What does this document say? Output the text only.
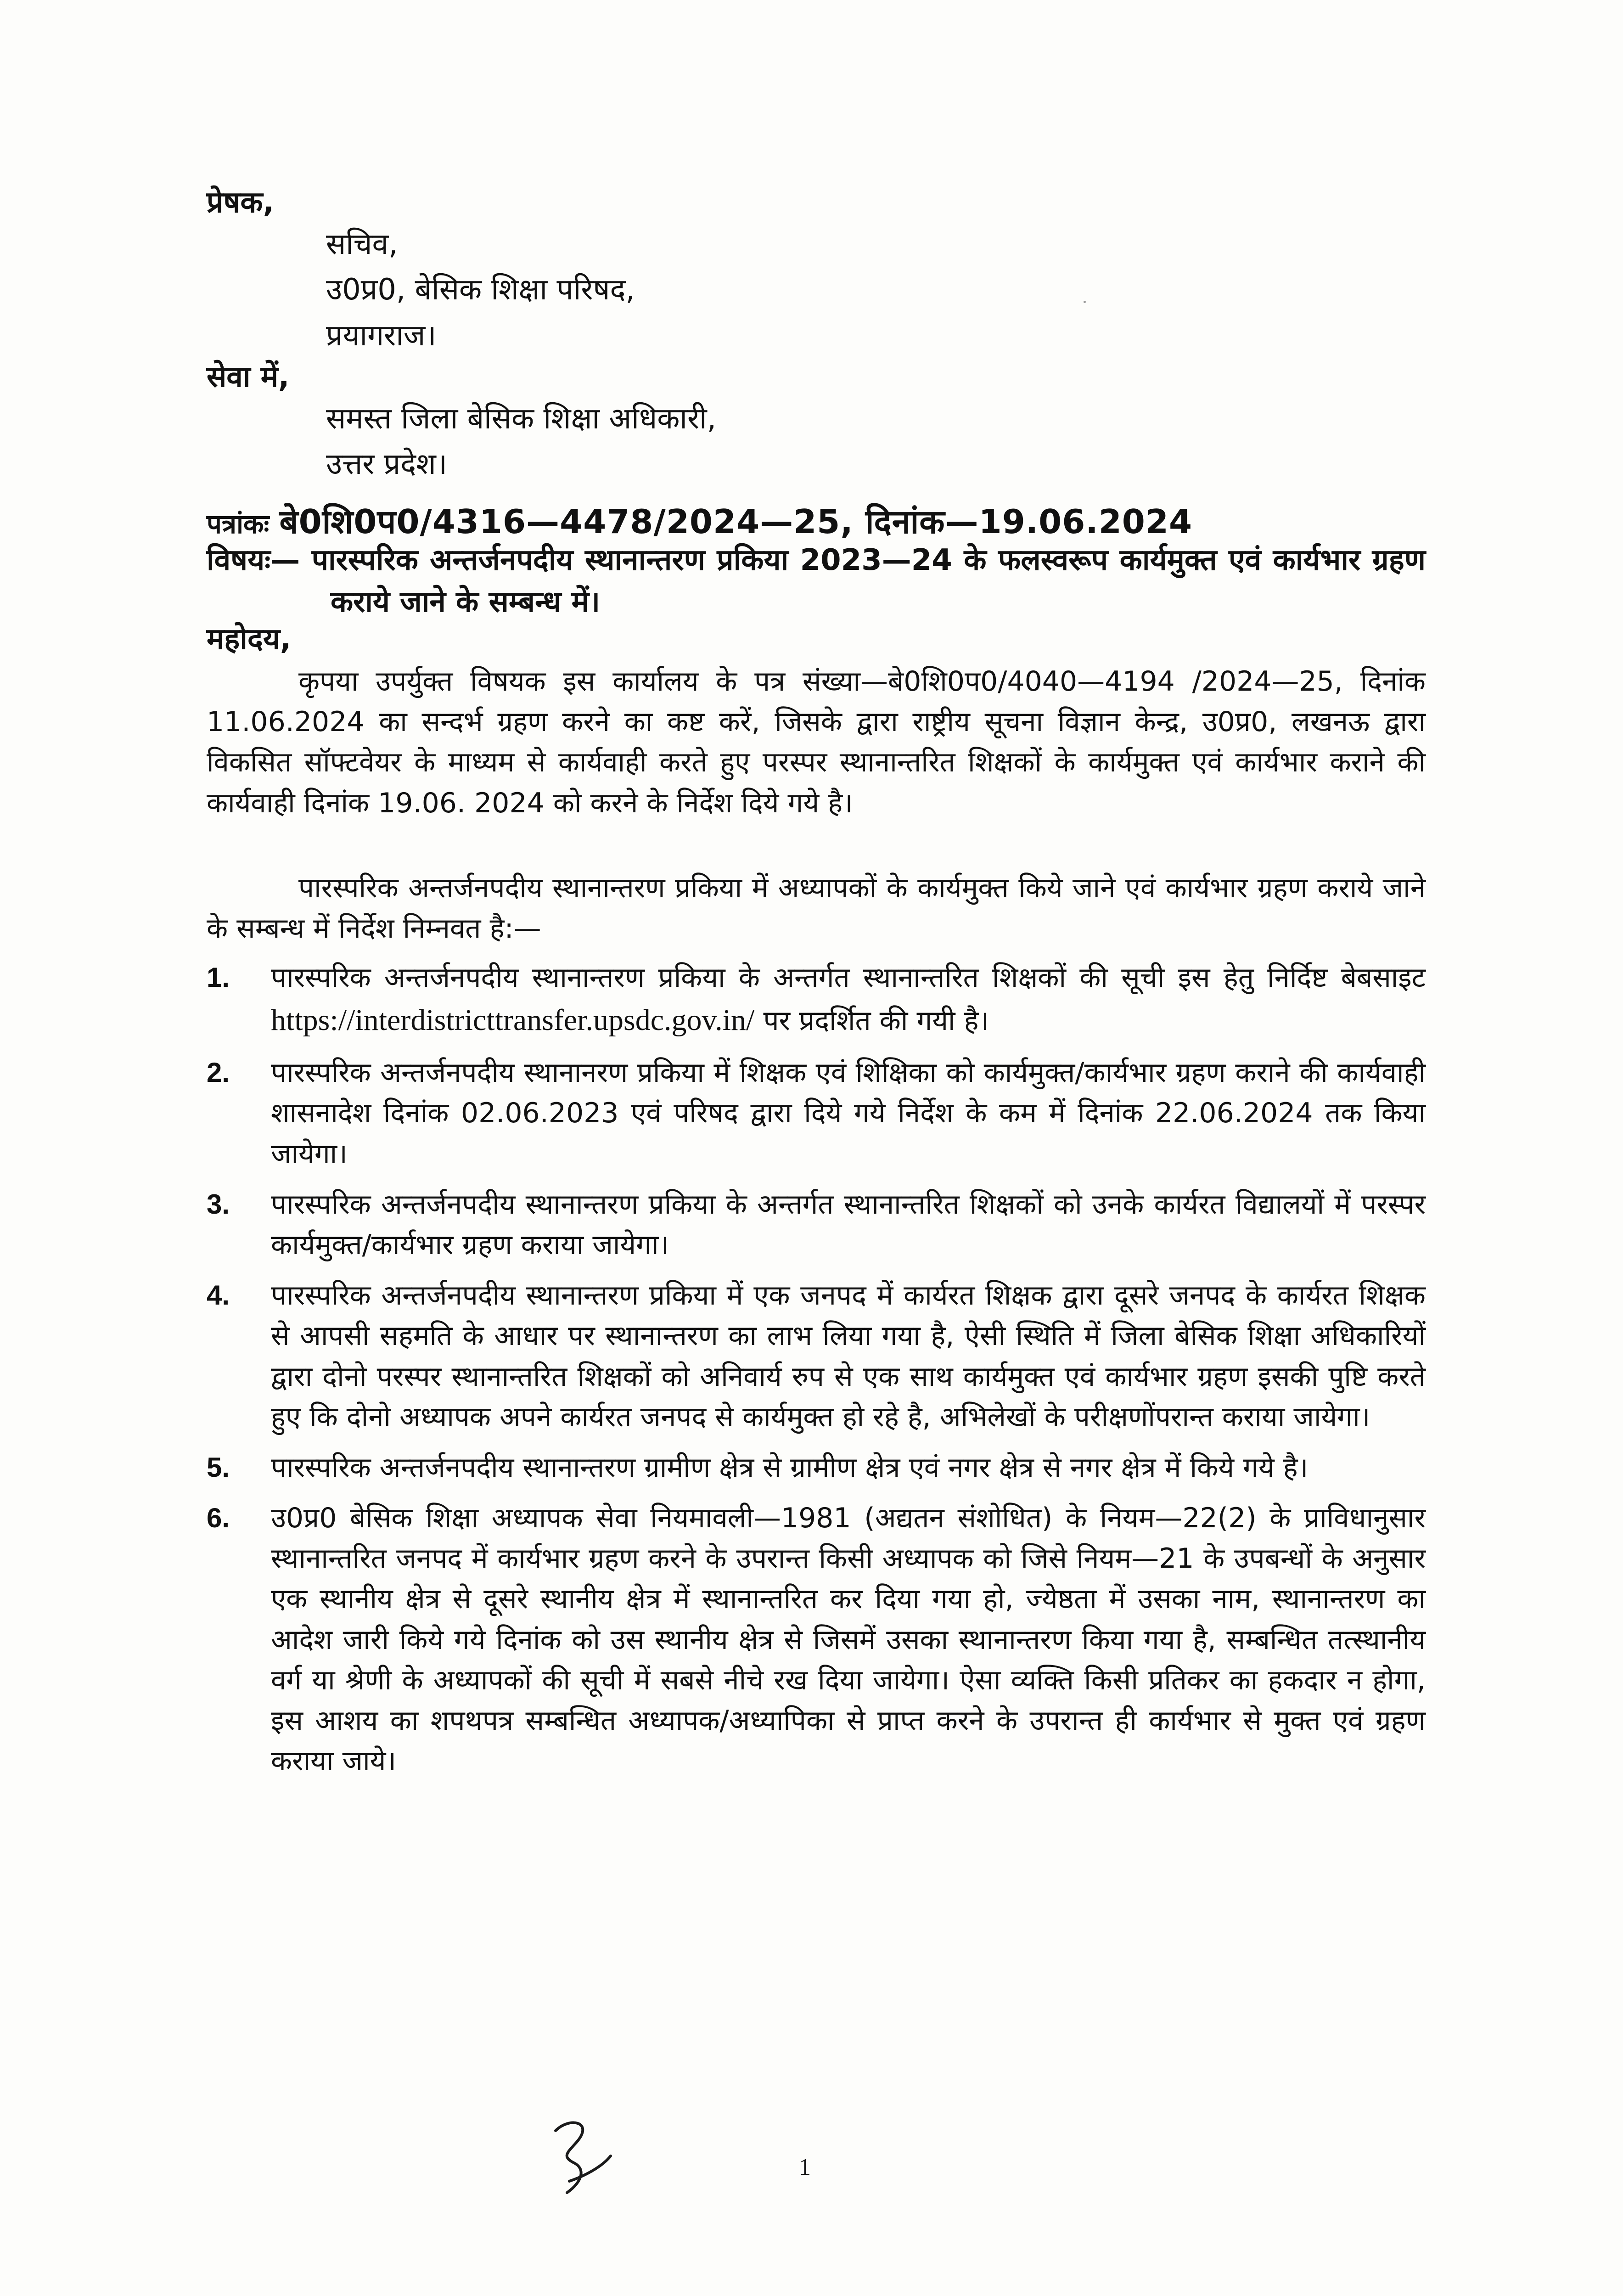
प्रेषक,
सचिव,
उ0प्र0, बेसिक शिक्षा परिषद,
प्रयागराज।
सेवा में,
समस्त जिला बेसिक शिक्षा अधिकारी,
उत्तर प्रदेश।
पत्रांकः बे0शि0प0/4316—4478/2024—25, दिनांक—19.06.2024
विषयः— पारस्परिक अन्तर्जनपदीय स्थानान्तरण प्रकिया 2023—24 के फलस्वरूप कार्यमुक्त एवं कार्यभार ग्रहण कराये जाने के सम्बन्ध में।
महोदय,
कृपया उपर्युक्त विषयक इस कार्यालय के पत्र संख्या—बे0शि0प0/4040—4194 /2024—25, दिनांक 11.06.2024 का सन्दर्भ ग्रहण करने का कष्ट करें, जिसके द्वारा राष्ट्रीय सूचना विज्ञान केन्द्र, उ0प्र0, लखनऊ द्वारा विकसित सॉफ्टवेयर के माध्यम से कार्यवाही करते हुए परस्पर स्थानान्तरित शिक्षकों के कार्यमुक्त एवं कार्यभार कराने की कार्यवाही दिनांक 19.06. 2024 को करने के निर्देश दिये गये है।
पारस्परिक अन्तर्जनपदीय स्थानान्तरण प्रकिया में अध्यापकों के कार्यमुक्त किये जाने एवं कार्यभार ग्रहण कराये जाने के सम्बन्ध में निर्देश निम्नवत है:—
1.	पारस्परिक अन्तर्जनपदीय स्थानान्तरण प्रकिया के अन्तर्गत स्थानान्तरित शिक्षकों की सूची इस हेतु निर्दिष्ट बेबसाइट https://interdistricttransfer.upsdc.gov.in/ पर प्रदर्शित की गयी है।
2.	पारस्परिक अन्तर्जनपदीय स्थानानरण प्रकिया में शिक्षक एवं शिक्षिका को कार्यमुक्त/कार्यभार ग्रहण कराने की कार्यवाही शासनादेश दिनांक 02.06.2023 एवं परिषद द्वारा दिये गये निर्देश के कम में दिनांक 22.06.2024 तक किया जायेगा।
3.	पारस्परिक अन्तर्जनपदीय स्थानान्तरण प्रकिया के अन्तर्गत स्थानान्तरित शिक्षकों को उनके कार्यरत विद्यालयों में परस्पर कार्यमुक्त/कार्यभार ग्रहण कराया जायेगा।
4.	पारस्परिक अन्तर्जनपदीय स्थानान्तरण प्रकिया में एक जनपद में कार्यरत शिक्षक द्वारा दूसरे जनपद के कार्यरत शिक्षक से आपसी सहमति के आधार पर स्थानान्तरण का लाभ लिया गया है, ऐसी स्थिति में जिला बेसिक शिक्षा अधिकारियों द्वारा दोनो परस्पर स्थानान्तरित शिक्षकों को अनिवार्य रुप से एक साथ कार्यमुक्त एवं कार्यभार ग्रहण इसकी पुष्टि करते हुए कि दोनो अध्यापक अपने कार्यरत जनपद से कार्यमुक्त हो रहे है, अभिलेखों के परीक्षणोंपरान्त कराया जायेगा।
5.	पारस्परिक अन्तर्जनपदीय स्थानान्तरण ग्रामीण क्षेत्र से ग्रामीण क्षेत्र एवं नगर क्षेत्र से नगर क्षेत्र में किये गये है।
6.	उ0प्र0 बेसिक शिक्षा अध्यापक सेवा नियमावली—1981 (अद्यतन संशोधित) के नियम—22(2) के प्राविधानुसार स्थानान्तरित जनपद में कार्यभार ग्रहण करने के उपरान्त किसी अध्यापक को जिसे नियम—21 के उपबन्धों के अनुसार एक स्थानीय क्षेत्र से दूसरे स्थानीय क्षेत्र में स्थानान्तरित कर दिया गया हो, ज्येष्ठता में उसका नाम, स्थानान्तरण का आदेश जारी किये गये दिनांक को उस स्थानीय क्षेत्र से जिसमें उसका स्थानान्तरण किया गया है, सम्बन्धित तत्स्थानीय वर्ग या श्रेणी के अध्यापकों की सूची में सबसे नीचे रख दिया जायेगा। ऐसा व्यक्ति किसी प्रतिकर का हकदार न होगा, इस आशय का शपथपत्र सम्बन्धित अध्यापक/अध्यापिका से प्राप्त करने के उपरान्त ही कार्यभार से मुक्त एवं ग्रहण कराया जाये।
1
